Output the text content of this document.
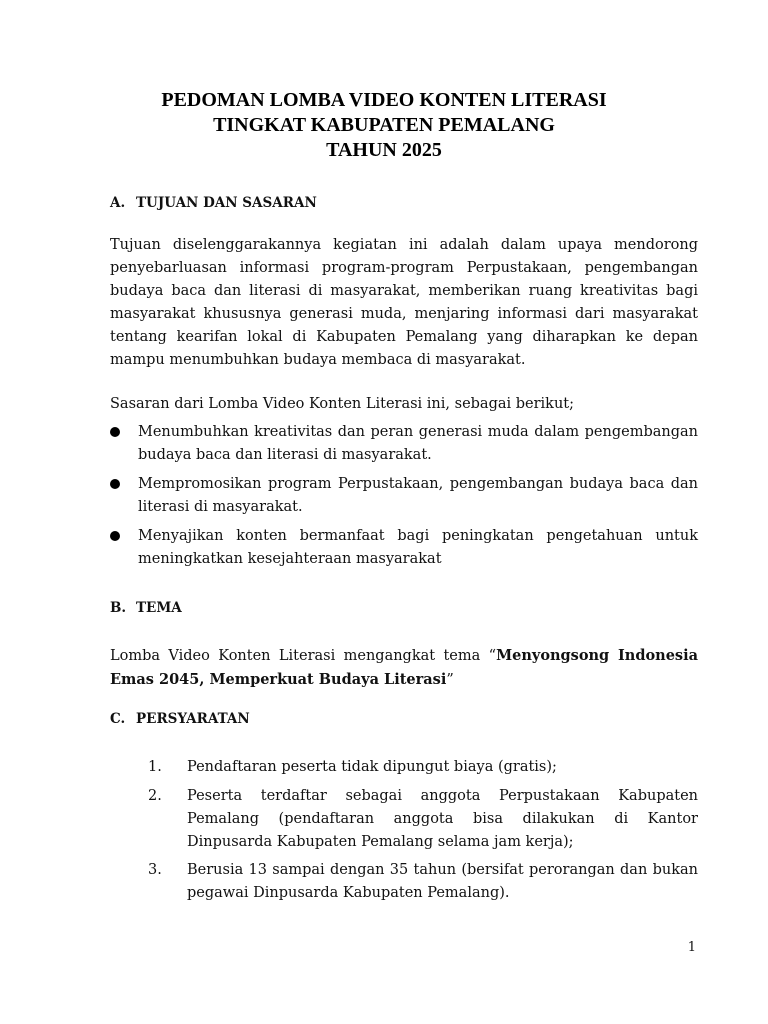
PEDOMAN LOMBA VIDEO KONTEN LITERASI
TINGKAT KABUPATEN PEMALANG
TAHUN 2025
A. TUJUAN DAN SASARAN

Tujuan diselenggarakannya kegiatan ini adalah dalam upaya mendorong penyebarluasan informasi program-program Perpustakaan, pengembangan budaya baca dan literasi di masyarakat, memberikan ruang kreativitas bagi masyarakat khususnya generasi muda, menjaring informasi dari masyarakat tentang kearifan lokal di Kabupaten Pemalang yang diharapkan ke depan mampu menumbuhkan budaya membaca di masyarakat.

Sasaran dari Lomba Video Konten Literasi ini, sebagai berikut;

Menumbuhkan kreativitas dan peran generasi muda dalam pengembangan budaya baca dan literasi di masyarakat.

Mempromosikan program Perpustakaan, pengembangan budaya baca dan literasi di masyarakat.

Menyajikan konten bermanfaat bagi peningkatan pengetahuan untuk meningkatkan kesejahteraan masyarakat

B. TEMA

Lomba Video Konten Literasi mengangkat tema “Menyongsong Indonesia Emas 2045, Memperkuat Budaya Literasi”

C. PERSYARATAN
1. Pendaftaran peserta tidak dipungut biaya (gratis);

2. Peserta terdaftar sebagai anggota Perpustakaan Kabupaten Pemalang (pendaftaran anggota bisa dilakukan di Kantor Dinpusarda Kabupaten Pemalang selama jam kerja);

3. Berusia 13 sampai dengan 35 tahun (bersifat perorangan dan bukan pegawai Dinpusarda Kabupaten Pemalang).

1
